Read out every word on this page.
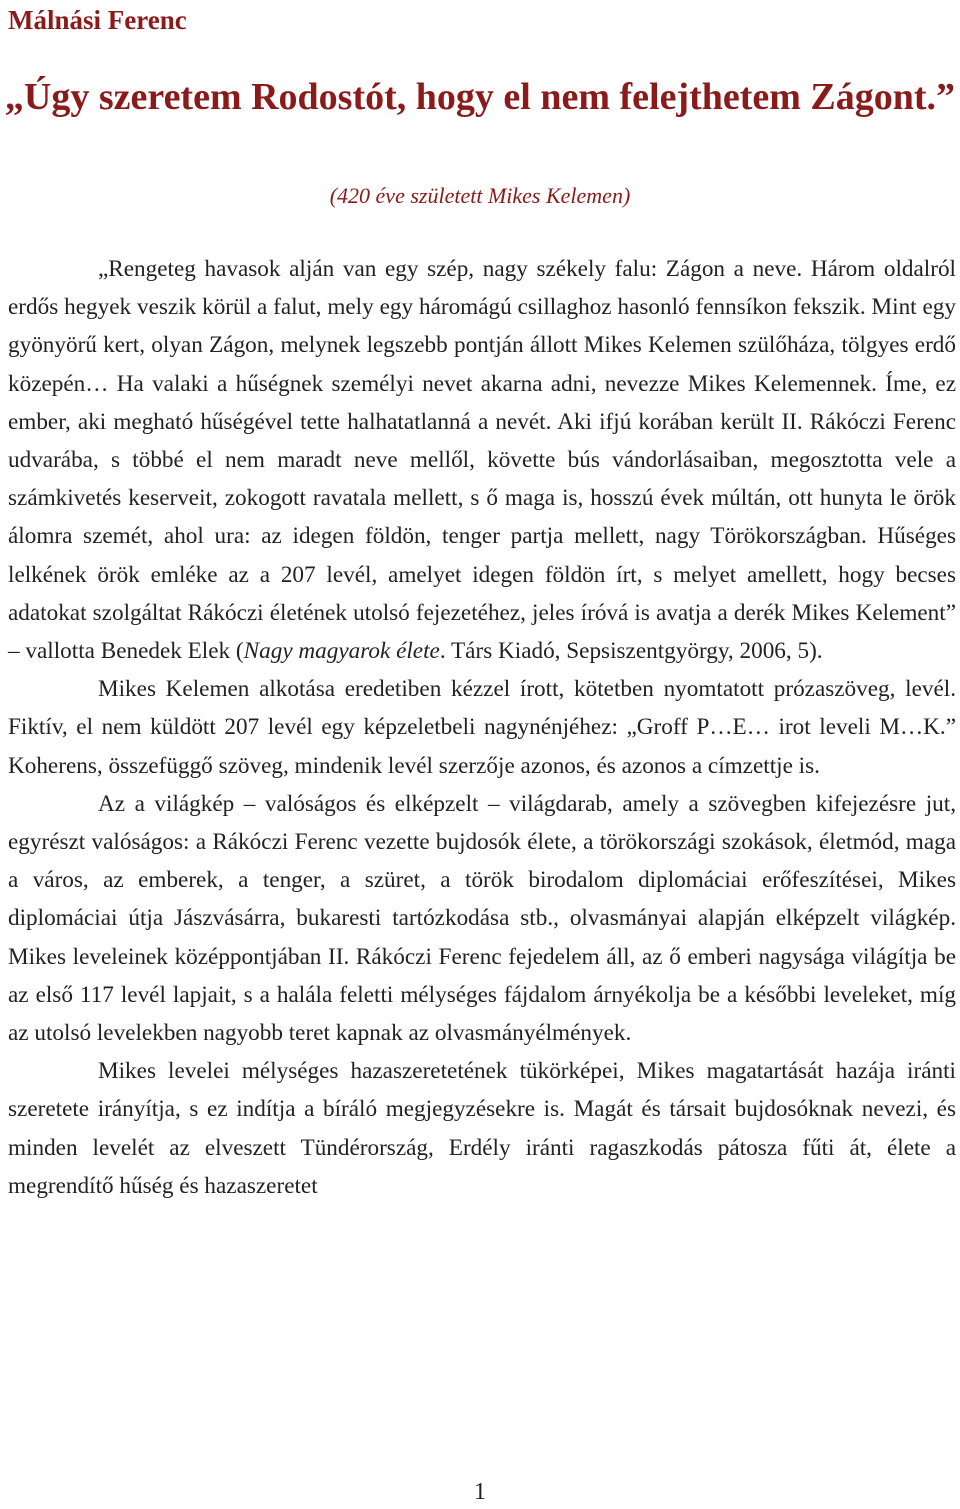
Málnási Ferenc
„Úgy szeretem Rodostót, hogy el nem felejthetem Zágont.”

(420 éve született Mikes Kelemen)

„Rengeteg havasok alján van egy szép, nagy székely falu: Zágon a neve. Három oldalról erdős hegyek veszik körül a falut, mely egy háromágú csillaghoz hasonló fennsíkon fekszik. Mint egy gyönyörű kert, olyan Zágon, melynek legszebb pontján állott Mikes Kelemen szülőháza, tölgyes erdő közepén… Ha valaki a hűségnek személyi nevet akarna adni, nevezze Mikes Kelemennek. Íme, ez ember, aki megható hűségével tette halhatatlanná a nevét. Aki ifjú korában került II. Rákóczi Ferenc udvarába, s többé el nem maradt neve mellől, követte bús vándorlásaiban, megosztotta vele a számkivetés keserveit, zokogott ravatala mellett, s ő maga is, hosszú évek múltán, ott hunyta le örök álomra szemét, ahol ura: az idegen földön, tenger partja mellett, nagy Törökországban. Hűséges lelkének örök emléke az a 207 levél, amelyet idegen földön írt, s melyet amellett, hogy becses adatokat szolgáltat Rákóczi életének utolsó fejezetéhez, jeles íróvá is avatja a derék Mikes Kelement” – vallotta Benedek Elek (Nagy magyarok élete. Társ Kiadó, Sepsiszentgyörgy, 2006, 5).

Mikes Kelemen alkotása eredetiben kézzel írott, kötetben nyomtatott prózaszöveg, levél. Fiktív, el nem küldött 207 levél egy képzeletbeli nagynénjéhez: „Groff P…E… irot leveli M…K.” Koherens, összefüggő szöveg, mindenik levél szerzője azonos, és azonos a címzettje is.

Az a világkép – valóságos és elképzelt – világdarab, amely a szövegben kifejezésre jut, egyrészt valóságos: a Rákóczi Ferenc vezette bujdosók élete, a törökországi szokások, életmód, maga a város, az emberek, a tenger, a szüret, a török birodalom diplomáciai erőfeszítései, Mikes diplomáciai útja Jászvásárra, bukaresti tartózkodása stb., olvasmányai alapján elképzelt világkép. Mikes leveleinek középpontjában II. Rákóczi Ferenc fejedelem áll, az ő emberi nagysága világítja be az első 117 levél lapjait, s a halála feletti mélységes fájdalom árnyékolja be a későbbi leveleket, míg az utolsó levelekben nagyobb teret kapnak az olvasmányélmények.

Mikes levelei mélységes hazaszeretetének tükörképei, Mikes magatartását hazája iránti szeretete irányítja, s ez indítja a bíráló megjegyzésekre is. Magát és társait bujdosóknak nevezi, és minden levelét az elveszett Tündérország, Erdély iránti ragaszkodás pátosza fűti át, élete a megrendítő hűség és hazaszeretet

1
